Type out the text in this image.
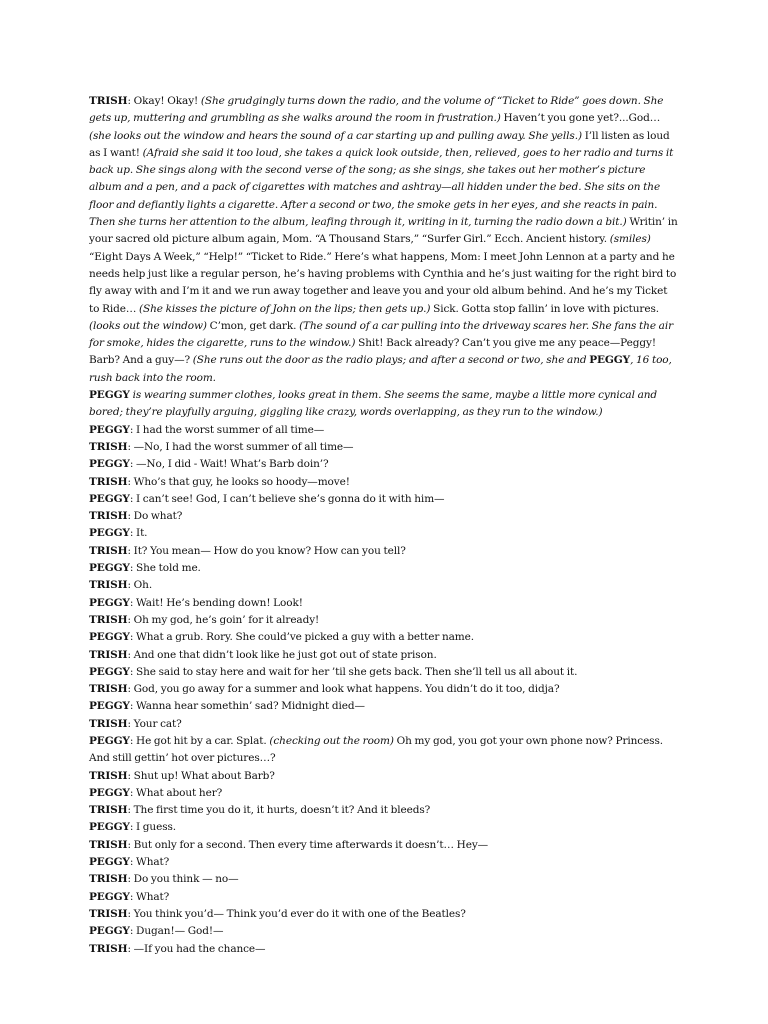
TRISH: Okay! Okay! (She grudgingly turns down the radio, and the volume of “Ticket to Ride” goes down. She gets up, muttering and grumbling as she walks around the room in frustration.) Haven’t you gone yet?...God… (she looks out the window and hears the sound of a car starting up and pulling away. She yells.) I’ll listen as loud as I want! (Afraid she said it too loud, she takes a quick look outside, then, relieved, goes to her radio and turns it back up. She sings along with the second verse of the song; as she sings, she takes out her mother’s picture album and a pen, and a pack of cigarettes with matches and ashtray—all hidden under the bed. She sits on the floor and defiantly lights a cigarette. After a second or two, the smoke gets in her eyes, and she reacts in pain. Then she turns her attention to the album, leafing through it, writing in it, turning the radio down a bit.) Writin’ in your sacred old picture album again, Mom. “A Thousand Stars,” “Surfer Girl.” Ecch. Ancient history. (smiles) “Eight Days A Week,” “Help!” “Ticket to Ride.” Here’s what happens, Mom: I meet John Lennon at a party and he needs help just like a regular person, he’s having problems with Cynthia and he’s just waiting for the right bird to fly away with and I’m it and we run away together and leave you and your old album behind. And he’s my Ticket to Ride… (She kisses the picture of John on the lips; then gets up.) Sick. Gotta stop fallin’ in love with pictures. (looks out the window) C’mon, get dark. (The sound of a car pulling into the driveway scares her. She fans the air for smoke, hides the cigarette, runs to the window.) Shit! Back already? Can’t you give me any peace—Peggy! Barb? And a guy—? (She runs out the door as the radio plays; and after a second or two, she and PEGGY, 16 too, rush back into the room.

PEGGY is wearing summer clothes, looks great in them. She seems the same, maybe a little more cynical and bored; they’re playfully arguing, giggling like crazy, words overlapping, as they run to the window.)

PEGGY: I had the worst summer of all time—

TRISH: —No, I had the worst summer of all time—

PEGGY: —No, I did - Wait! What’s Barb doin’?

TRISH: Who’s that guy, he looks so hoody—move!

PEGGY: I can’t see! God, I can’t believe she’s gonna do it with him—

TRISH: Do what?

PEGGY: It.

TRISH: It? You mean— How do you know? How can you tell?

PEGGY: She told me.

TRISH: Oh.

PEGGY: Wait! He’s bending down! Look!

TRISH: Oh my god, he’s goin’ for it already!

PEGGY: What a grub. Rory. She could’ve picked a guy with a better name.

TRISH: And one that didn’t look like he just got out of state prison.

PEGGY: She said to stay here and wait for her ’til she gets back. Then she’ll tell us all about it.

TRISH: God, you go away for a summer and look what happens. You didn’t do it too, didja?

PEGGY: Wanna hear somethin’ sad? Midnight died—

TRISH: Your cat?

PEGGY: He got hit by a car. Splat. (checking out the room) Oh my god, you got your own phone now? Princess.

And still gettin’ hot over pictures…?

TRISH: Shut up! What about Barb?

PEGGY: What about her?

TRISH: The first time you do it, it hurts, doesn’t it? And it bleeds?

PEGGY: I guess.

TRISH: But only for a second. Then every time afterwards it doesn’t… Hey—

PEGGY: What?

TRISH: Do you think — no—

PEGGY: What?

TRISH: You think you’d— Think you’d ever do it with one of the Beatles?

PEGGY: Dugan!— God!—

TRISH: —If you had the chance—
